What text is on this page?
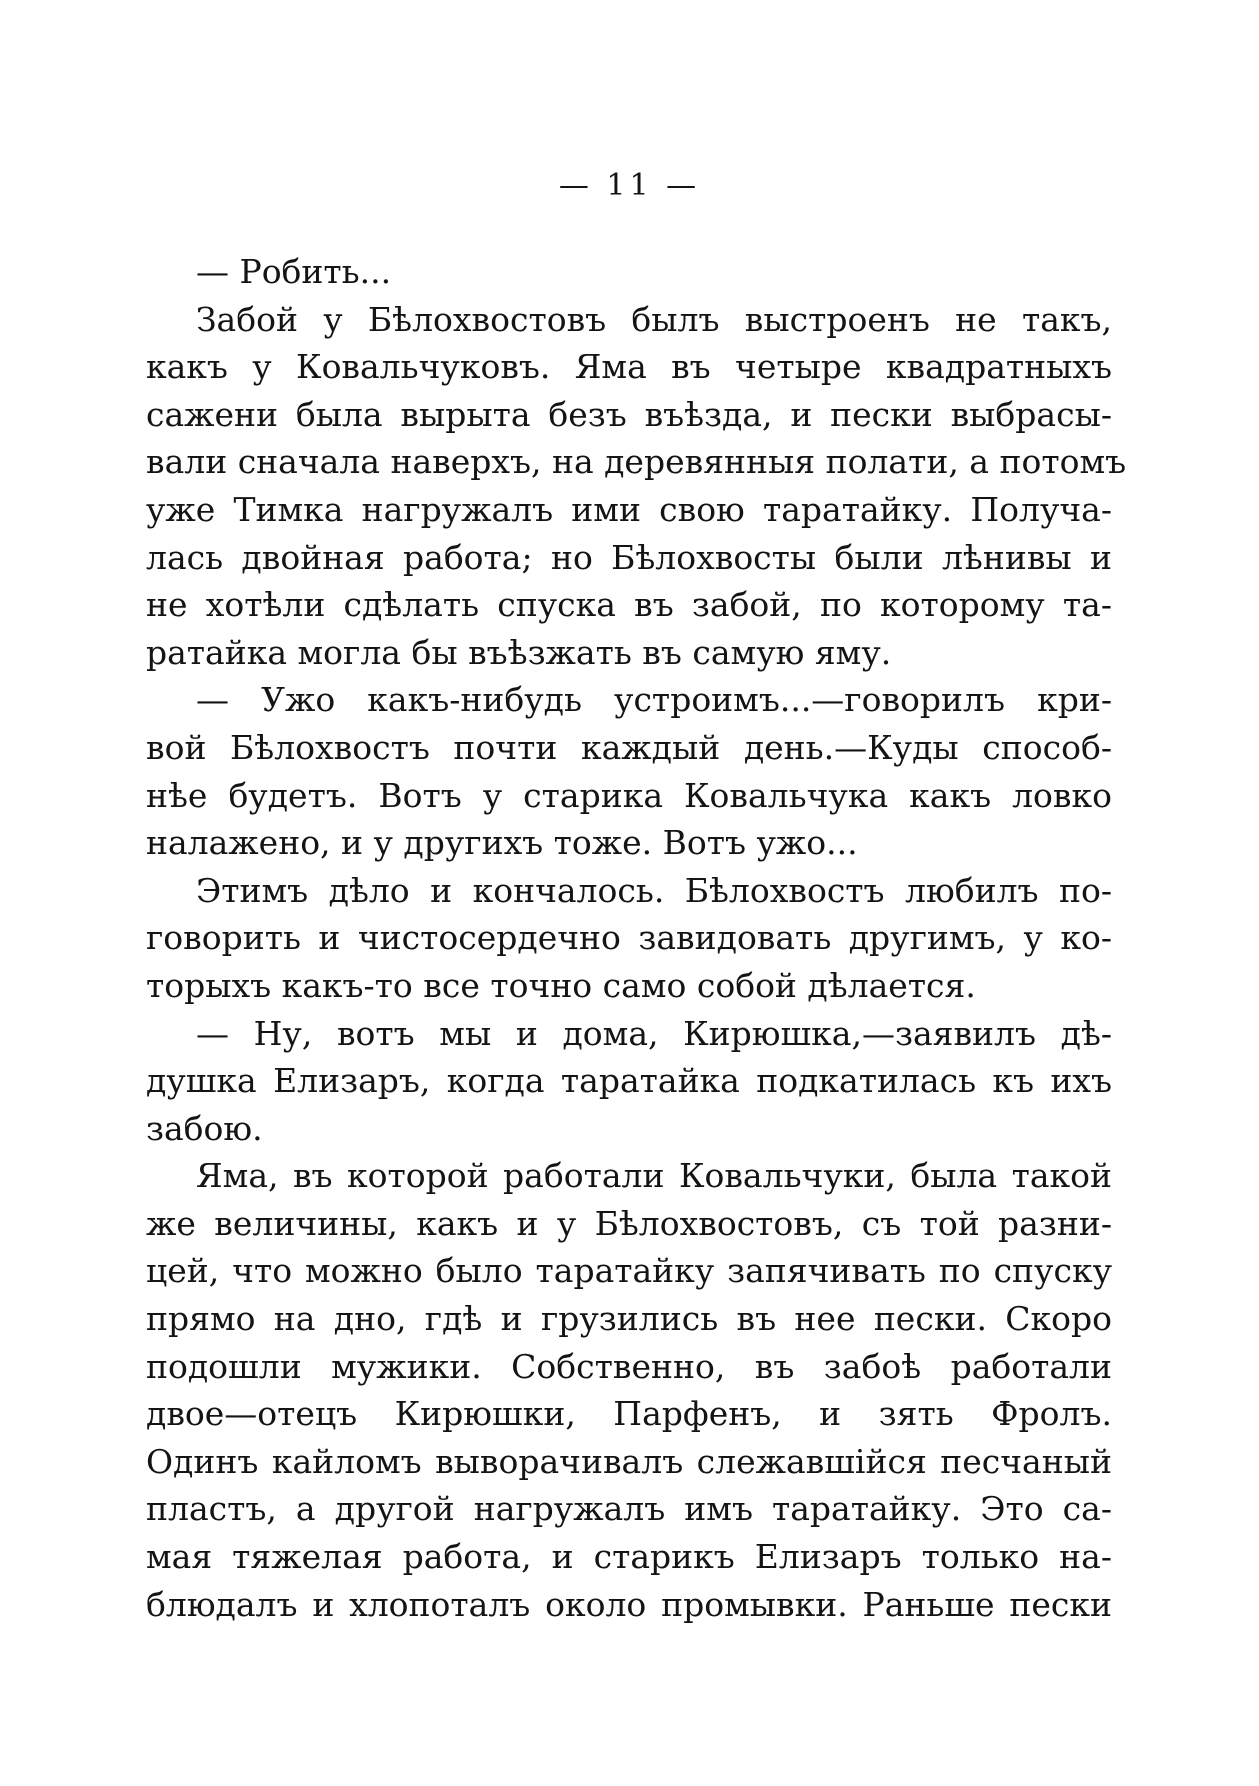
— 11 —
— Робить...
Забой у Бѣлохвостовъ былъ выстроенъ не такъ,
какъ у Ковальчуковъ. Яма въ четыре квадратныхъ
сажени была вырыта безъ въѣзда, и пески выбрасы-
вали сначала наверхъ, на деревянныя полати, а потомъ
уже Тимка нагружалъ ими свою таратайку. Получа-
лась двойная работа; но Бѣлохвосты были лѣнивы и
не хотѣли сдѣлать спуска въ забой, по которому та-
ратайка могла бы въѣзжать въ самую яму.
— Ужо какъ-нибудь устроимъ...—говорилъ кри-
вой Бѣлохвостъ почти каждый день.—Куды способ-
нѣе будетъ. Вотъ у старика Ковальчука какъ ловко
налажено, и у другихъ тоже. Вотъ ужо...
Этимъ дѣло и кончалось. Бѣлохвостъ любилъ по-
говорить и чистосердечно завидовать другимъ, у ко-
торыхъ какъ-то все точно само собой дѣлается.
— Ну, вотъ мы и дома, Кирюшка,—заявилъ дѣ-
душка Елизаръ, когда таратайка подкатилась къ ихъ
забою.
Яма, въ которой работали Ковальчуки, была такой
же величины, какъ и у Бѣлохвостовъ, съ той разни-
цей, что можно было таратайку запячивать по спуску
прямо на дно, гдѣ и грузились въ нее пески. Скоро
подошли мужики. Собственно, въ забоѣ работали
двое—отецъ Кирюшки, Парфенъ, и зять Фролъ.
Одинъ кайломъ выворачивалъ слежавшійся песчаный
пластъ, а другой нагружалъ имъ таратайку. Это са-
мая тяжелая работа, и старикъ Елизаръ только на-
блюдалъ и хлопоталъ около промывки. Раньше пески
